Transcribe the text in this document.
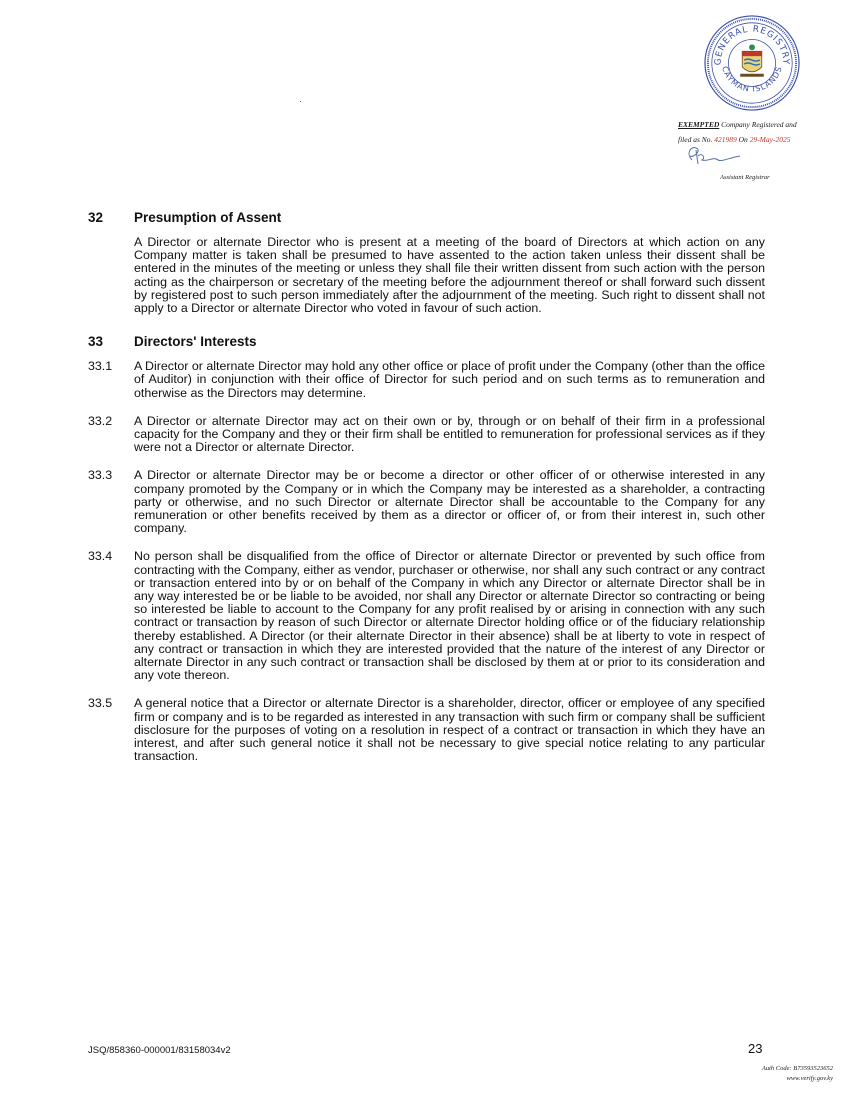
GENERAL REGISTRY
CAYMAN ISLANDS
EXEMPTED Company Registered and
filed as No. 421989 On 29-May-2025
Assistant Registrar
32	Presumption of Assent
A Director or alternate Director who is present at a meeting of the board of Directors at which action on any Company matter is taken shall be presumed to have assented to the action taken unless their dissent shall be entered in the minutes of the meeting or unless they shall file their written dissent from such action with the person acting as the chairperson or secretary of the meeting before the adjournment thereof or shall forward such dissent by registered post to such person immediately after the adjournment of the meeting. Such right to dissent shall not apply to a Director or alternate Director who voted in favour of such action.
33	Directors' Interests
33.1	A Director or alternate Director may hold any other office or place of profit under the Company (other than the office of Auditor) in conjunction with their office of Director for such period and on such terms as to remuneration and otherwise as the Directors may determine.
33.2	A Director or alternate Director may act on their own or by, through or on behalf of their firm in a professional capacity for the Company and they or their firm shall be entitled to remuneration for professional services as if they were not a Director or alternate Director.
33.3	A Director or alternate Director may be or become a director or other officer of or otherwise interested in any company promoted by the Company or in which the Company may be interested as a shareholder, a contracting party or otherwise, and no such Director or alternate Director shall be accountable to the Company for any remuneration or other benefits received by them as a director or officer of, or from their interest in, such other company.
33.4	No person shall be disqualified from the office of Director or alternate Director or prevented by such office from contracting with the Company, either as vendor, purchaser or otherwise, nor shall any such contract or any contract or transaction entered into by or on behalf of the Company in which any Director or alternate Director shall be in any way interested be or be liable to be avoided, nor shall any Director or alternate Director so contracting or being so interested be liable to account to the Company for any profit realised by or arising in connection with any such contract or transaction by reason of such Director or alternate Director holding office or of the fiduciary relationship thereby established. A Director (or their alternate Director in their absence) shall be at liberty to vote in respect of any contract or transaction in which they are interested provided that the nature of the interest of any Director or alternate Director in any such contract or transaction shall be disclosed by them at or prior to its consideration and any vote thereon.
33.5	A general notice that a Director or alternate Director is a shareholder, director, officer or employee of any specified firm or company and is to be regarded as interested in any transaction with such firm or company shall be sufficient disclosure for the purposes of voting on a resolution in respect of a contract or transaction in which they have an interest, and after such general notice it shall not be necessary to give special notice relating to any particular transaction.
JSQ/858360-000001/83158034v2	23
Auth Code: B73593523652
www.verify.gov.ky
